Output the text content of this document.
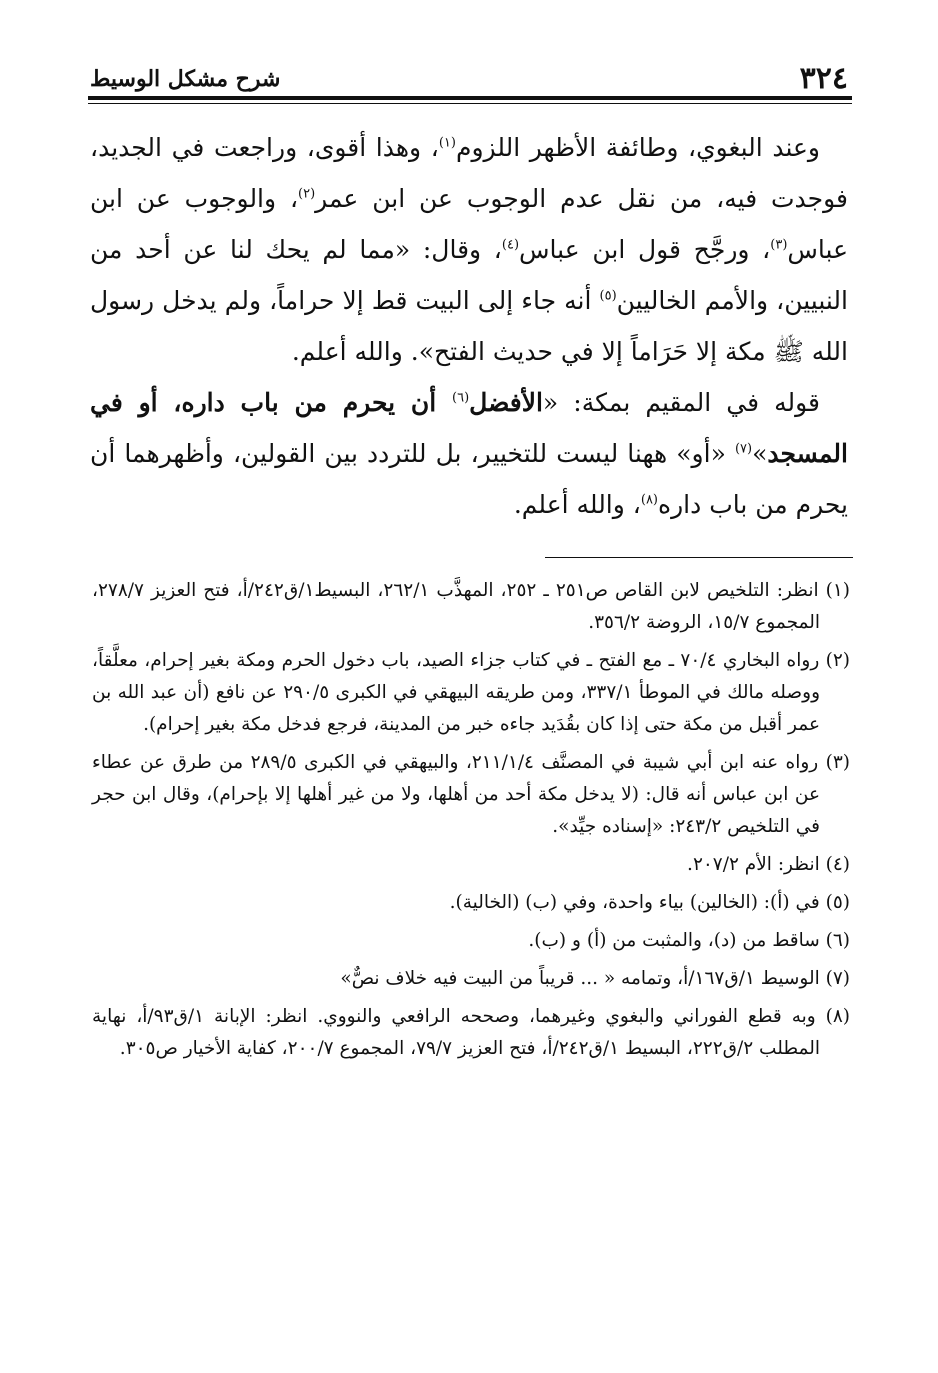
٣٢٤
شرح مشكل الوسيط

وعند البغوي، وطائفة الأظهر اللزوم$^{(١)}$، وهذا أقوى، وراجعت في الجديد، فوجدت فيه، من نقل عدم الوجوب عن ابن عمر$^{(٢)}$، والوجوب عن ابن عباس$^{(٣)}$، ورجَّح قول ابن عباس$^{(٤)}$، وقال: «مما لم يحك لنا عن أحد من النبيين، والأمم الخاليين$^{(٥)}$ أنه جاء إلى البيت قط إلا حراماً، ولم يدخل رسول الله ﷺ مكة إلا حَرَاماً إلا في حديث الفتح». والله أعلم.

قوله في المقيم بمكة: «الأفضل$^{(٦)}$ أن يحرم من باب داره، أو في المسجد»$^{(٧)}$ «أو» ههنا ليست للتخيير، بل للتردد بين القولين، وأظهرهما أن يحرم من باب داره$^{(٨)}$، والله أعلم.

(١) انظر: التلخيص لابن القاص ص٢٥١ ـ ٢٥٢، المهذَّب ٢٦٢/١، البسيط١/ق٢٤٢/أ، فتح العزيز ٢٧٨/٧، المجموع ١٥/٧، الروضة ٣٥٦/٢.

(٢) رواه البخاري ٧٠/٤ ـ مع الفتح ـ في كتاب جزاء الصيد، باب دخول الحرم ومكة بغير إحرام، معلَّقاً، ووصله مالك في الموطأ ٣٣٧/١، ومن طريقه البيهقي في الكبرى ٢٩٠/٥ عن نافع (أن عبد الله بن عمر أقبل من مكة حتى إذا كان بقُدَيد جاءه خبر من المدينة، فرجع فدخل مكة بغير إحرام).

(٣) رواه عنه ابن أبي شيبة في المصنَّف ٢١١/١/٤، والبيهقي في الكبرى ٢٨٩/٥ من طرق عن عطاء عن ابن عباس أنه قال: (لا يدخل مكة أحد من أهلها، ولا من غير أهلها إلا بإحرام)، وقال ابن حجر في التلخيص ٢٤٣/٢: «إسناده جيِّد».

(٤) انظر: الأم ٢٠٧/٢.

(٥) في (أ): (الخالين) بياء واحدة، وفي (ب) (الخالية).

(٦) ساقط من (د)، والمثبت من (أ) و (ب).

(٧) الوسيط ١/ق١٦٧/أ، وتمامه « ... قريباً من البيت فيه خلاف نصٌّ»

(٨) وبه قطع الفوراني والبغوي وغيرهما، وصححه الرافعي والنووي. انظر: الإبانة ١/ق٩٣/أ، نهاية المطلب ٢/ق٢٢٢، البسيط ١/ق٢٤٢/أ، فتح العزيز ٧٩/٧، المجموع ٢٠٠/٧، كفاية الأخيار ص٣٠٥.
